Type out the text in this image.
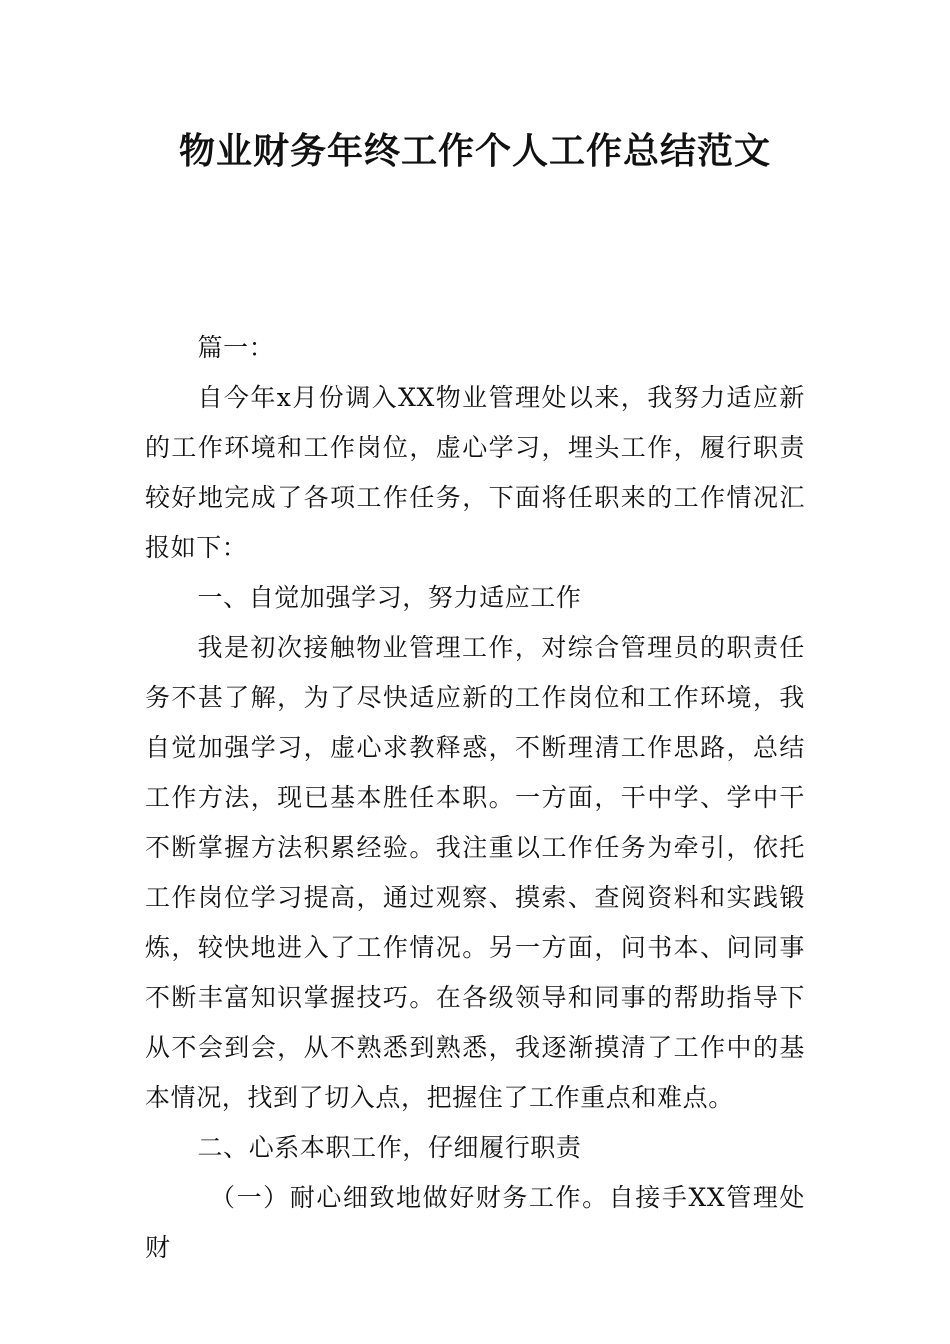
物业财务年终工作个人工作总结范文

篇一：

自今年x月份调入XX物业管理处以来，我努力适应新的工作环境和工作岗位，虚心学习，埋头工作，履行职责较好地完成了各项工作任务，下面将任职来的工作情况汇报如下：

一、自觉加强学习，努力适应工作

我是初次接触物业管理工作，对综合管理员的职责任务不甚了解，为了尽快适应新的工作岗位和工作环境，我自觉加强学习，虚心求教释惑，不断理清工作思路，总结工作方法，现已基本胜任本职。一方面，干中学、学中干不断掌握方法积累经验。我注重以工作任务为牵引，依托工作岗位学习提高，通过观察、摸索、查阅资料和实践锻炼，较快地进入了工作情况。另一方面，问书本、问同事不断丰富知识掌握技巧。在各级领导和同事的帮助指导下从不会到会，从不熟悉到熟悉，我逐渐摸清了工作中的基本情况，找到了切入点，把握住了工作重点和难点。

二、心系本职工作，仔细履行职责

（一）耐心细致地做好财务工作。自接手XX管理处财
